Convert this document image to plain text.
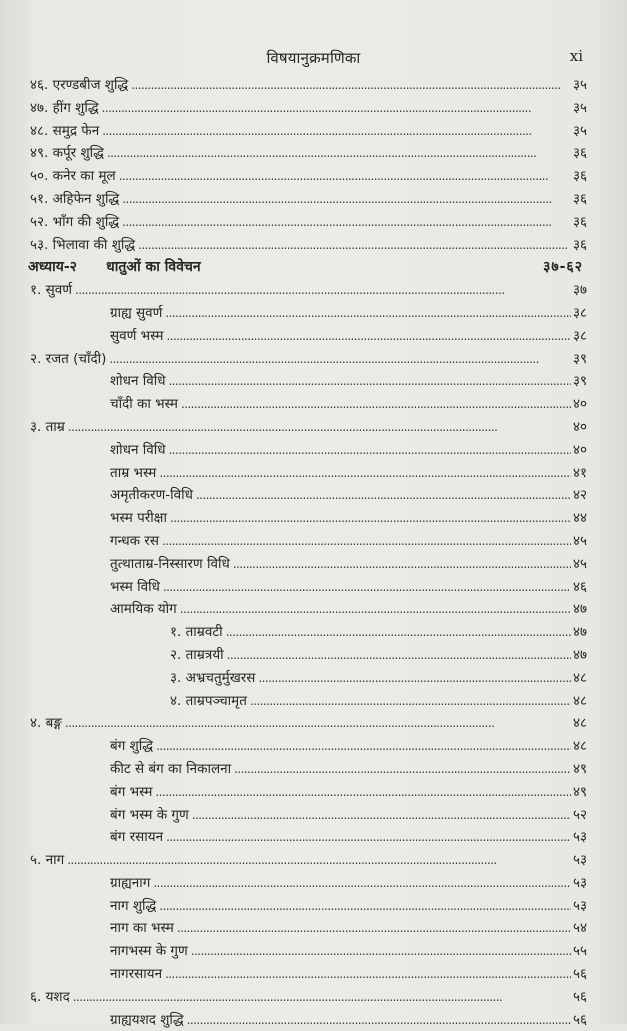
विषयानुक्रमणिका	xi
४६. एरण्डबीज शुद्धि	३५
. . .
४७. हींग शुद्धि	३५
. . .
४८. समुद्र फेन	३५
. . .
४९. कर्पूर शुद्धि	३६
. . .
५०. कनेर का मूल	३६
. . .
५१. अहिफेन शुद्धि	३६
. . .
५२. भाँग की शुद्धि	३६
. . .
५३. भिलावा की शुद्धि	३६
. . .
अध्याय-२      धातुओं का विवेचन	३७-६२
१. सुवर्ण	३७
. . .
ग्राह्य सुवर्ण	३८
. . .
सुवर्ण भस्म	३८
. . .
२. रजत (चाँदी)	३९
. . .
शोधन विधि	३९
. . .
चाँदी का भस्म	४०
. . .
३. ताम्र	४०
. . .
शोधन विधि	४०
. . .
ताम्र भस्म	४१
. . .
अमृतीकरण-विधि	४२
. . .
भस्म परीक्षा	४४
. . .
गन्धक रस	४५
. . .
तुत्थाताम्र-निस्सारण विधि	४५
. . .
भस्म विधि	४६
. . .
आमयिक योग	४७
. . .
१. ताम्रवटी	४७
. . .
२. ताम्रत्रयी	४७
. . .
३. अभ्रचतुर्मुखरस	४८
. . .
४. ताम्रपञ्चामृत	४८
. . .
४. बङ्ग	४८
. . .
बंग शुद्धि	४८
. . .
कीट से बंग का निकालना	४९
. . .
बंग भस्म	४९
. . .
बंग भस्म के गुण	५२
. . .
बंग रसायन	५३
. . .
५. नाग	५३
. . .
ग्राह्यनाग	५३
. . .
नाग शुद्धि	५३
. . .
नाग का भस्म	५४
. . .
नागभस्म के गुण	५५
. . .
नागरसायन	५६
. . .
६. यशद	५६
. . .
ग्राह्ययशद शुद्धि	५६
. . .
